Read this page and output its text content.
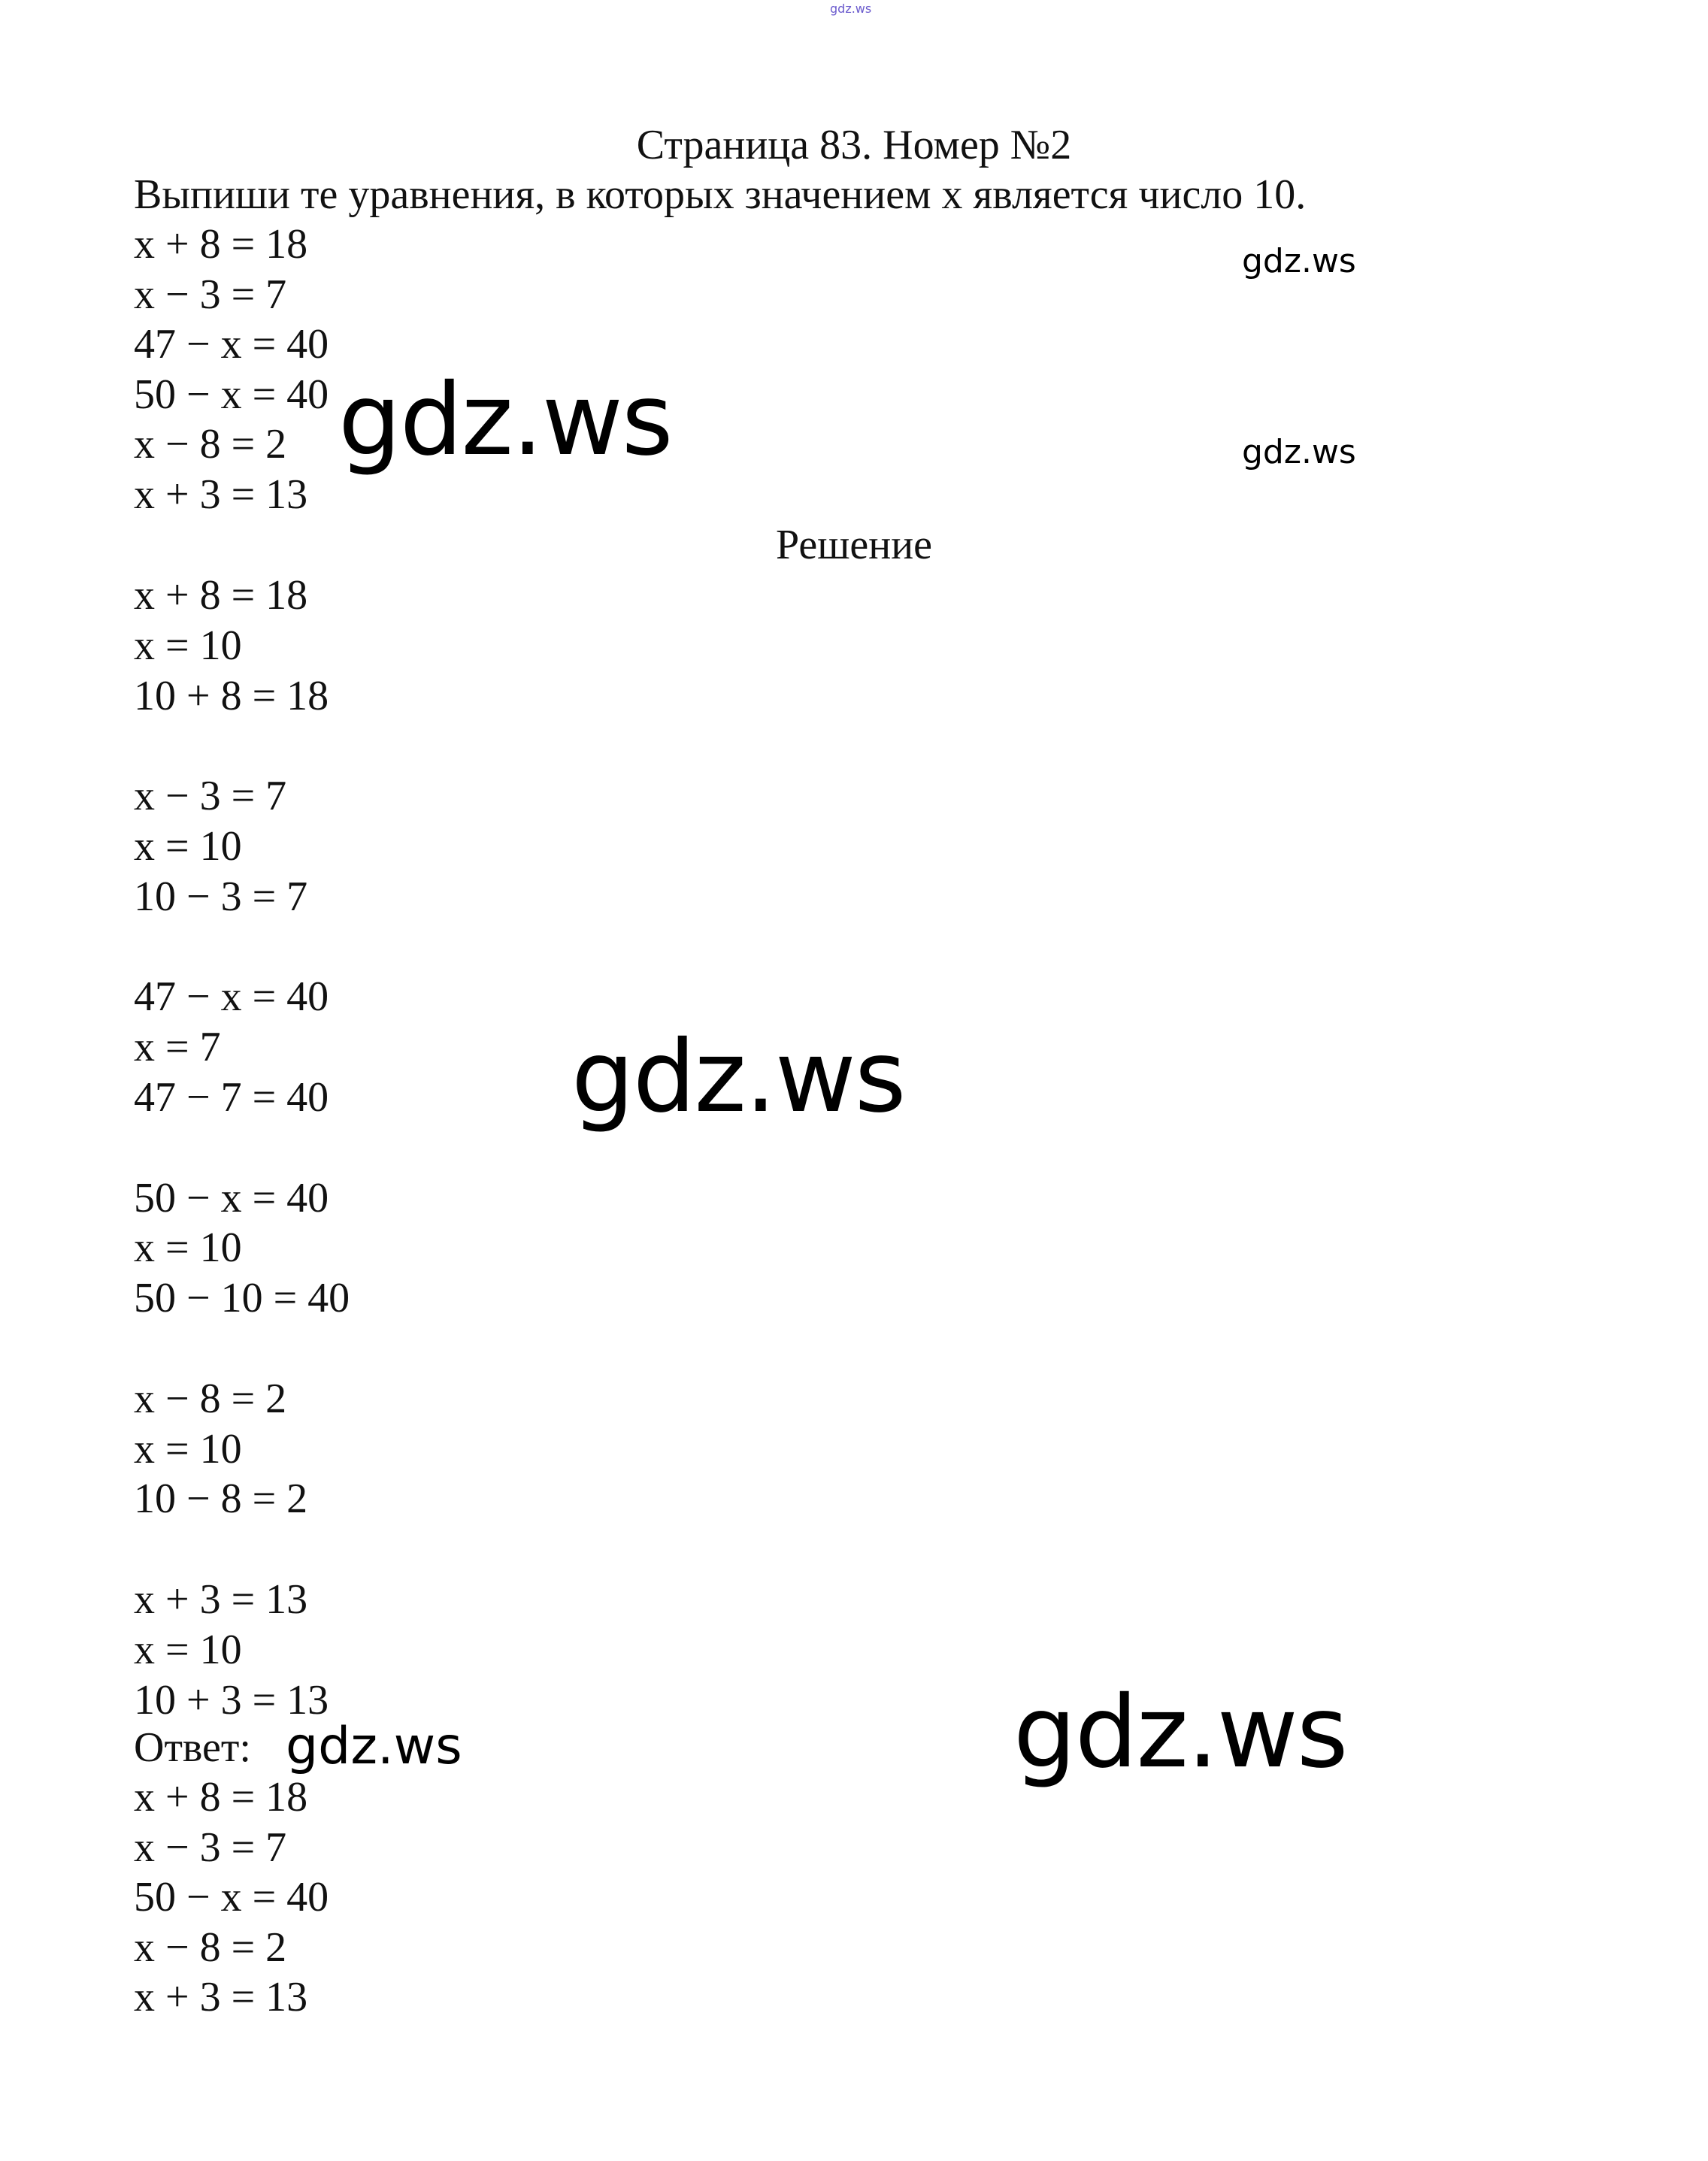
gdz.ws
Страница 83. Номер №2
Выпиши те уравнения, в которых значением x является число 10.
x + 8 = 18
x − 3 = 7
47 − x = 40
50 − x = 40
x − 8 = 2
x + 3 = 13
Решение
x + 8 = 18
x = 10
10 + 8 = 18
x − 3 = 7
x = 10
10 − 3 = 7
47 − x = 40
x = 7
47 − 7 = 40
50 − x = 40
x = 10
50 − 10 = 40
x − 8 = 2
x = 10
10 − 8 = 2
x + 3 = 13
x = 10
10 + 3 = 13
Ответ:
x + 8 = 18
x − 3 = 7
50 − x = 40
x − 8 = 2
x + 3 = 13
gdz.ws
gdz.ws
gdz.ws
gdz.ws
gdz.ws
gdz.ws
